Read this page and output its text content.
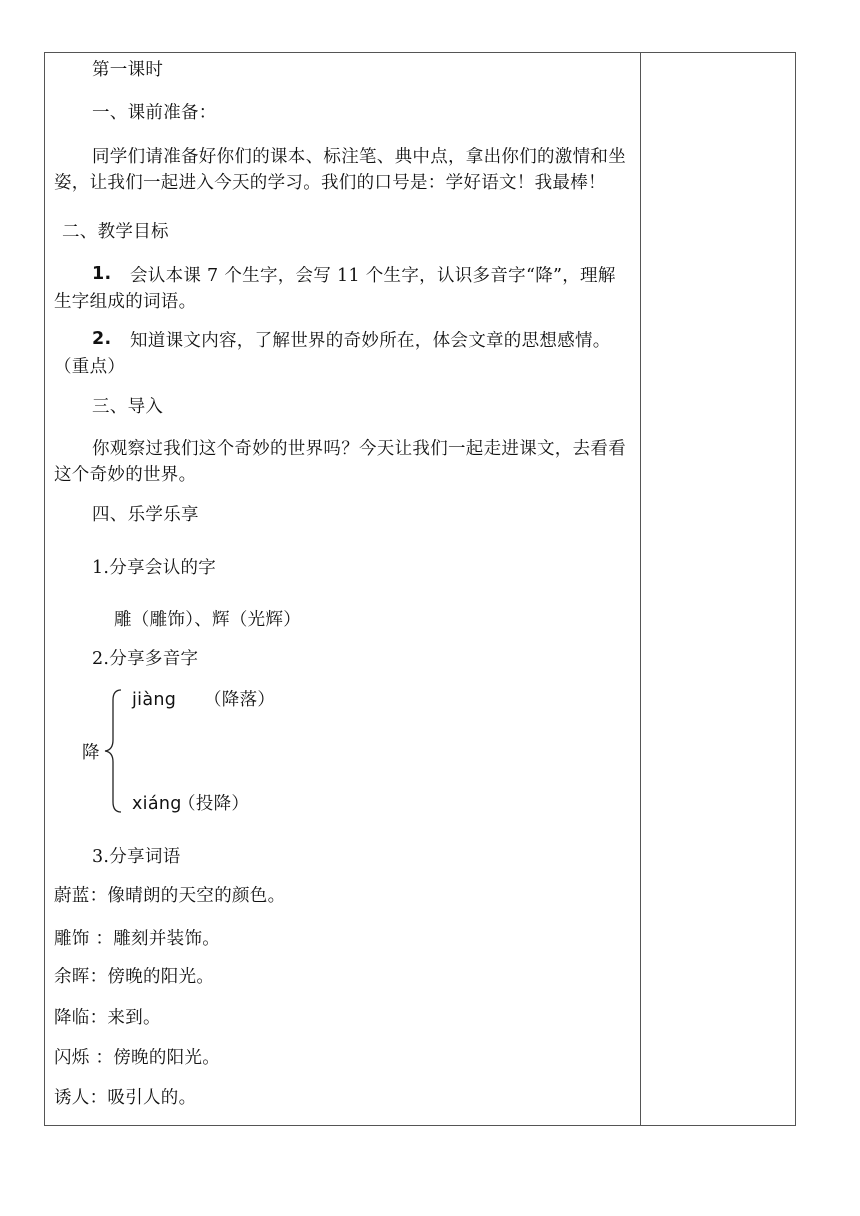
第一课时
一、课前准备：
同学们请准备好你们的课本、标注笔、典中点，拿出你们的激情和坐姿，让我们一起进入今天的学习。我们的口号是：学好语文！我最棒！
二、教学目标
1.	会认本课 7 个生字，会写 11 个生字，认识多音字“降”，理解生字组成的词语。
2.	知道课文内容，了解世界的奇妙所在，体会文章的思想感情。（重点）
三、导入
你观察过我们这个奇妙的世界吗？今天让我们一起走进课文，去看看这个奇妙的世界。
四、乐学乐享
1.分享会认的字
雕（雕饰）、辉（光辉）
2.分享多音字
降
jiàng （降落）
xiáng
（投降）
3.分享词语
蔚蓝：像晴朗的天空的颜色。
雕饰 ：雕刻并装饰。
余晖：傍晚的阳光。
降临：来到。
闪烁 ：傍晚的阳光。
诱人：吸引人的。
